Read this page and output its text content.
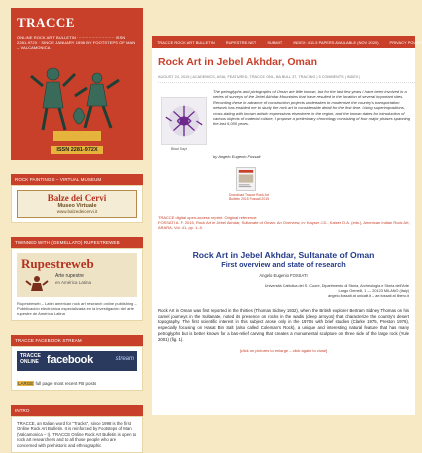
TRACCE
ONLINE ROCK ART BULLETIN ·························· ISSN 2281-972X · SINCE JANUARY 1998 BY FOOTSTEPS OF MAN – VALCAMONICA
ISSN 2281-972X
ROCK PAINTINGS – VIRTUAL MUSEUM
Balze dei Cervi
Museo Virtuale
www.balzedeicervi.it
TWINNED WITH (GEMELLATO) RUPESTREWEB
Rupestreweb
Arte rupestre
en América Latina
Rupestreweb – Latin american rock art research online publishing – Pubblicación electrónica especializada en la investigación del arte rupestre de América Latina
TRACCE FACEBOOK STREAM
TRACCE
ONLINE facebook	stream
LARGE full page most recent FB posts
INTRO
TRACCE, an Italian word for "Tracks", since 1998 is the first Online Rock Art Bulletin. It is reinforced by Footsteps of Man (Valcamonica – I). TRACCE Online Rock Art Bulletin is open to rock art researchers and to all those people who are concerned with prehistoric and ethnographic
TRACCE ROCK ART BULLETIN	RUPESTRE.NET	SUBMIT	INDEX: 411.5 PAPERS AVAILABLE (NOV 2020)	PRIVACY POLICY
Rock Art in Jebel Akhdar, Oman
AUGUST 24, 2015 | ACADEMICS, ASIA, FEATURED, TRACCE ONL, BA BULL 37, TRACING | 5 COMMENTS | INDEX |
Bilad Sayt
The petroglyphs and pictographs of Oman are little known, but for the last few years I have been involved in a series of surveys of the Jebel Akhdar Mountains that have resulted in the location of several important sites. Recording these in advance of construction projects undertaken to modernize the country's transportation network has enabled me to study the rock art in considerable detail for the first time. Using superimpositions, cross-dating with known artistic expressions elsewhere in the region, and the known dates for introduction of various objects of material culture, I propose a preliminary chronology consisting of four major phases spanning the last 6,000 years.
by Angelo Eugenio Fossati
Download Tracce Rock Art Bulletin 2015 Fossati 2015
TRACCE digital open-access reprint. Original reference:
FOSSATI A. F. 2015, Rock Art in Jebel Akhdar, Sultanate of Oman: An Overview, in: Kayser J.D., Kaiser D.A. (eds.), American Indian Rock Art, ARARA, Vol. 41, pp. 1–9.
Rock Art in Jebel Akhdar, Sultanate of Oman
First overview and state of research
Angelo Eugenio FOSSATI
Università Cattolica del S. Cuore, Dipartimento di Storia, Archeologia e Storia dell'Arte
Largo Gemelli, 1 — 20123 MILANO (Italy)
angelo.fossati at unicatt.it – ae.fossati at libero.it
Rock Art in Oman was first reported in the thirties (Thomas Sidney 1932), when the British explorer Bertram Sidney Thomas on his camel journeys in the Sultanate, noted its presence on rocks in the wadis (deep arroyos) that characterize the country's desert topography. The first scientific interest in this subject arose only in the 1970s with brief studies (Clarke 1975, Preston 1976), especially focusing on Hasat Bin Salt (also called Coleman's Rock), a unique and interesting natural feature that has many petroglyphs but is better known for a bas-relief carving that creates a monumental sculpture on three side of the large rock (Yule 2001) (fig. 1).
[click on pictures to enlarge – click again to close]
